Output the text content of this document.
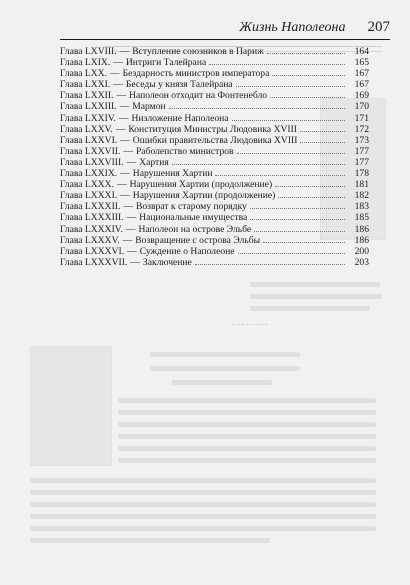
Жизнь Наполеона 207
Глава LXVIII. — Вступление союзников в Париж	164
Глава LXIX. — Интриги Талейрана	165
Глава LXX. — Бездарность министров императора	167
Глава LXXI. — Беседы у князя Талейрана	167
Глава LXXII. — Наполеон отходит на Фонтенебло	169
Глава LXXIII. — Мармон	170
Глава LXXIV. — Низложение Наполеона	171
Глава LXXV. — Конституция Министры Людовика XVIII	172
Глава LXXVI. — Ошибки правительства Людовика XVIII	173
Глава LXXVII. — Раболепство министров	177
Глава LXXVIII. — Хартия	177
Глава LXXIX. — Нарушения Хартии	178
Глава LXXX. — Нарушения Хартии (продолжение)	181
Глава LXXXI. — Нарушения Хартии (продолжение)	182
Глава LXXXII. — Возврат к старому порядку	183
Глава LXXXIII. — Национальные имущества	185
Глава LXXXIV. — Наполеон на острове Эльбе	186
Глава LXXXV. — Возвращение с острова Эльбы	186
Глава LXXXVI. — Суждение о Наполеоне	200
Глава LXXXVII. — Заключение	203
